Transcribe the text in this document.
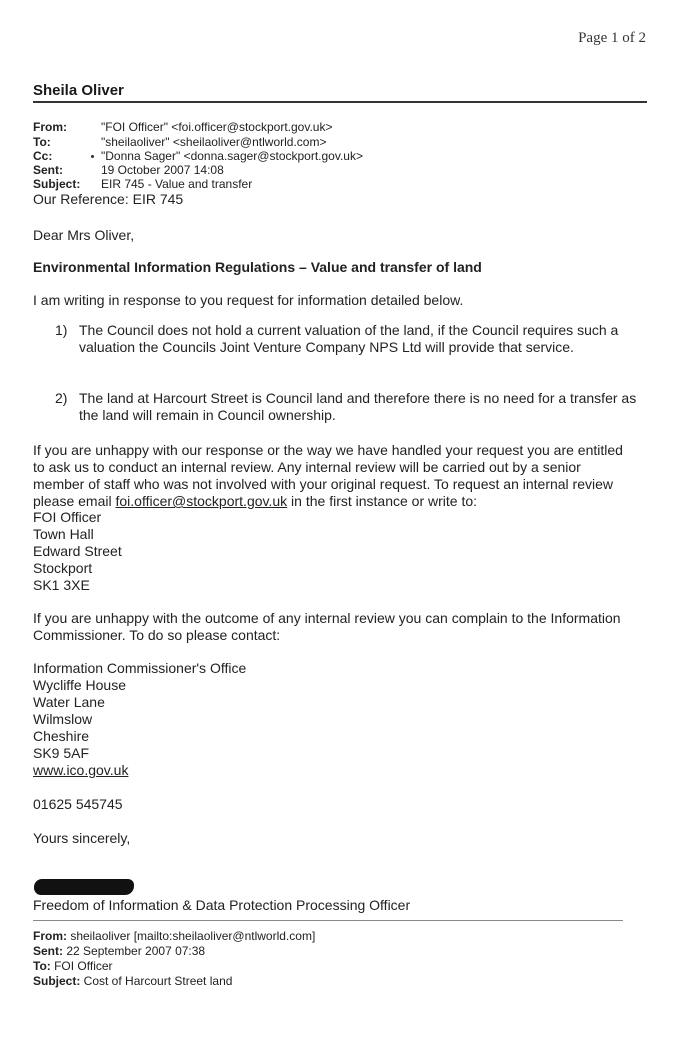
Page 1 of 2
Sheila Oliver
From:	"FOI Officer" <foi.officer@stockport.gov.uk>
To:	"sheilaoliver" <sheilaoliver@ntlworld.com>
Cc:	"Donna Sager" <donna.sager@stockport.gov.uk>
Sent:	19 October 2007 14:08
Subject: EIR 745 - Value and transfer
Our Reference: EIR 745
Dear Mrs Oliver,
Environmental Information Regulations – Value and transfer of land
I am writing in response to you request for information detailed below.
1) The Council does not hold a current valuation of the land, if the Council requires such a valuation the Councils Joint Venture Company NPS Ltd will provide that service.
2) The land at Harcourt Street is Council land and therefore there is no need for a transfer as the land will remain in Council ownership.
If you are unhappy with our response or the way we have handled your request you are entitled to ask us to conduct an internal review. Any internal review will be carried out by a senior member of staff who was not involved with your original request. To request an internal review please email foi.officer@stockport.gov.uk in the first instance or write to:
FOI Officer
Town Hall
Edward Street
Stockport
SK1 3XE
If you are unhappy with the outcome of any internal review you can complain to the Information Commissioner. To do so please contact:
Information Commissioner's Office
Wycliffe House
Water Lane
Wilmslow
Cheshire
SK9 5AF
www.ico.gov.uk
01625 545745
Yours sincerely,
Freedom of Information & Data Protection Processing Officer
From: sheilaoliver [mailto:sheilaoliver@ntlworld.com]
Sent: 22 September 2007 07:38
To: FOI Officer
Subject: Cost of Harcourt Street land
